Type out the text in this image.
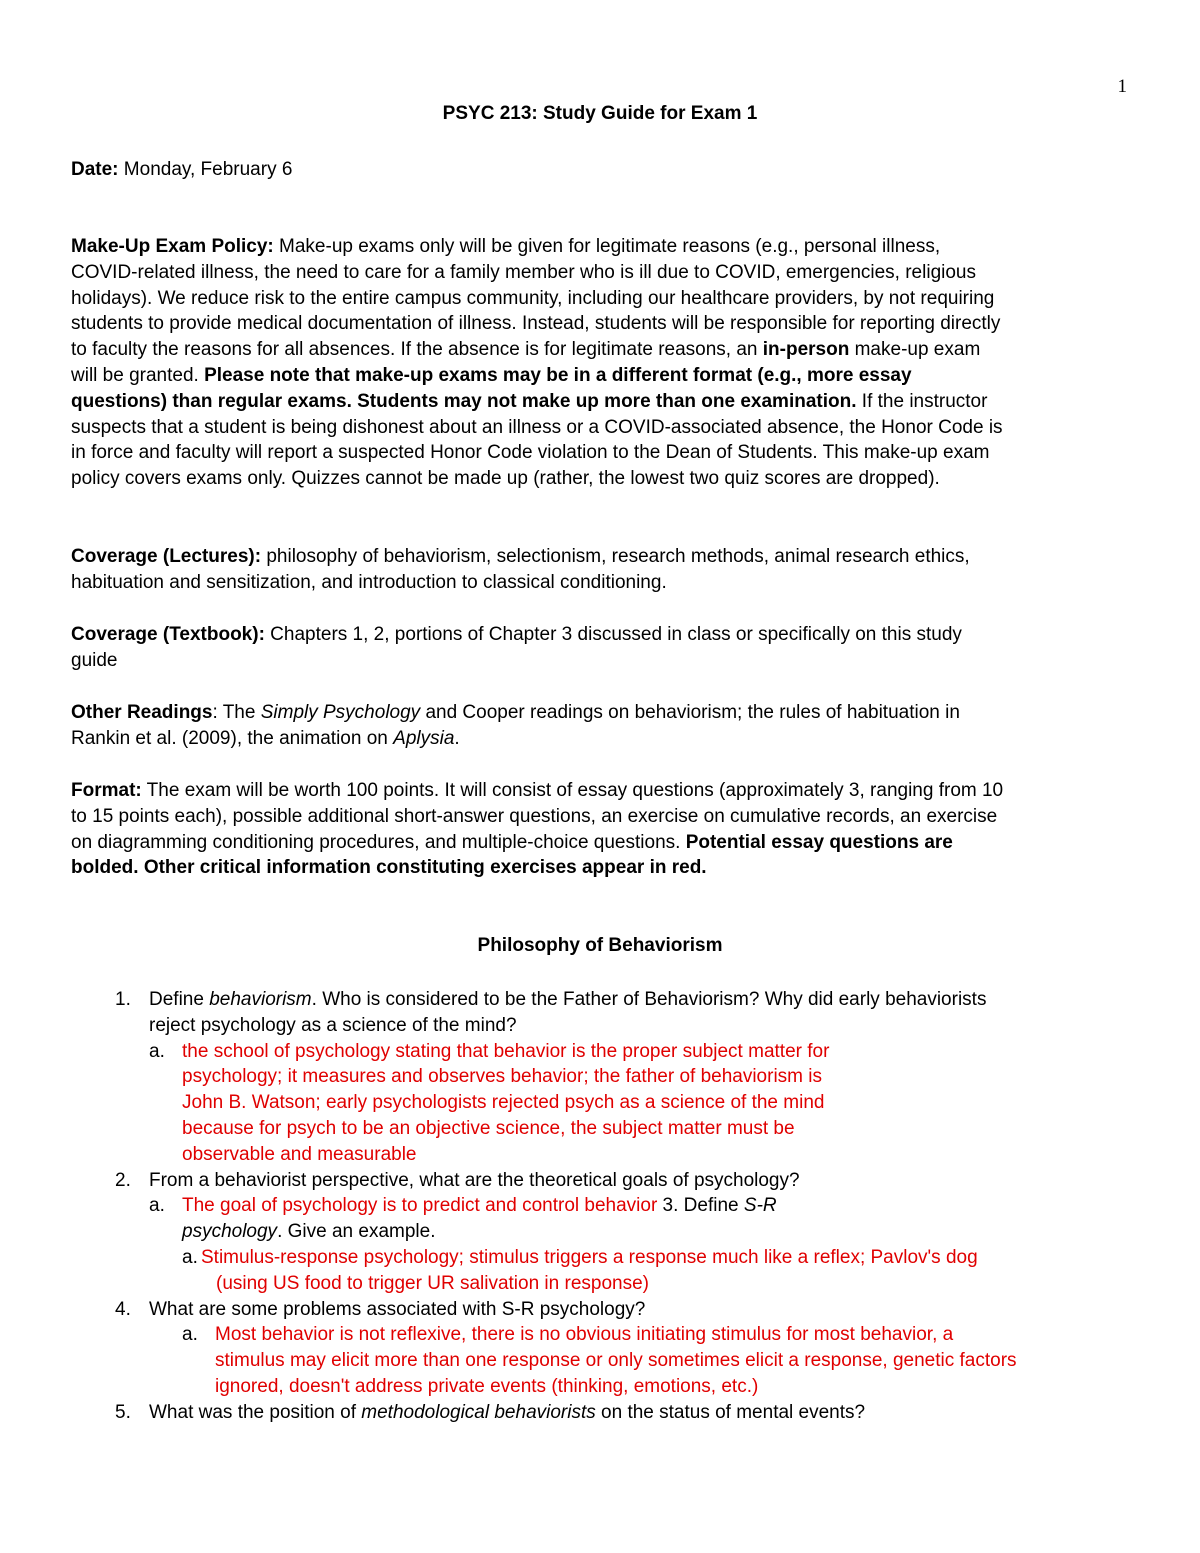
1
PSYC 213: Study Guide for Exam 1
Date: Monday, February 6
Make-Up Exam Policy: Make-up exams only will be given for legitimate reasons (e.g., personal illness,
COVID-related illness, the need to care for a family member who is ill due to COVID, emergencies, religious
holidays). We reduce risk to the entire campus community, including our healthcare providers, by not requiring
students to provide medical documentation of illness. Instead, students will be responsible for reporting directly
to faculty the reasons for all absences. If the absence is for legitimate reasons, an in-person make-up exam
will be granted. Please note that make-up exams may be in a different format (e.g., more essay
questions) than regular exams. Students may not make up more than one examination. If the instructor
suspects that a student is being dishonest about an illness or a COVID-associated absence, the Honor Code is
in force and faculty will report a suspected Honor Code violation to the Dean of Students. This make-up exam
policy covers exams only. Quizzes cannot be made up (rather, the lowest two quiz scores are dropped).
Coverage (Lectures): philosophy of behaviorism, selectionism, research methods, animal research ethics,
habituation and sensitization, and introduction to classical conditioning.
Coverage (Textbook): Chapters 1, 2, portions of Chapter 3 discussed in class or specifically on this study
guide
Other Readings: The Simply Psychology and Cooper readings on behaviorism; the rules of habituation in
Rankin et al. (2009), the animation on Aplysia.
Format: The exam will be worth 100 points. It will consist of essay questions (approximately 3, ranging from 10
to 15 points each), possible additional short-answer questions, an exercise on cumulative records, an exercise
on diagramming conditioning procedures, and multiple-choice questions. Potential essay questions are
bolded. Other critical information constituting exercises appear in red.
Philosophy of Behaviorism
1. Define behaviorism. Who is considered to be the Father of Behaviorism? Why did early behaviorists
reject psychology as a science of the mind?
a. the school of psychology stating that behavior is the proper subject matter for
psychology; it measures and observes behavior; the father of behaviorism is
John B. Watson; early psychologists rejected psych as a science of the mind
because for psych to be an objective science, the subject matter must be
observable and measurable
2. From a behaviorist perspective, what are the theoretical goals of psychology?
a. The goal of psychology is to predict and control behavior 3. Define S-R
psychology. Give an example.
a. Stimulus-response psychology; stimulus triggers a response much like a reflex; Pavlov's dog
(using US food to trigger UR salivation in response)
4. What are some problems associated with S-R psychology?
a. Most behavior is not reflexive, there is no obvious initiating stimulus for most behavior, a
stimulus may elicit more than one response or only sometimes elicit a response, genetic factors
ignored, doesn't address private events (thinking, emotions, etc.)
5. What was the position of methodological behaviorists on the status of mental events?
